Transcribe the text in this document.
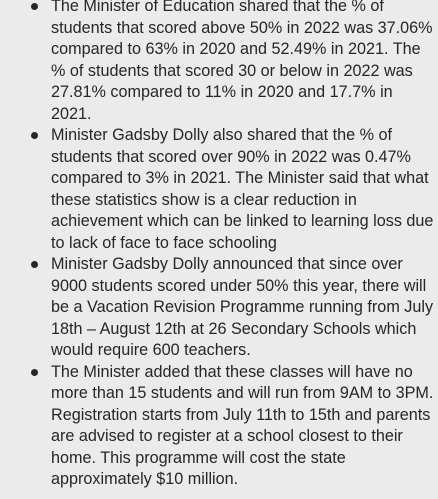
The Minister of Education shared that the % of students that scored above 50% in 2022 was 37.06% compared to 63% in 2020 and 52.49% in 2021. The % of students that scored 30 or below in 2022 was 27.81% compared to 11% in 2020 and 17.7% in 2021.
Minister Gadsby Dolly also shared that the % of students that scored over 90% in 2022 was 0.47% compared to 3% in 2021. The Minister said that what these statistics show is a clear reduction in achievement which can be linked to learning loss due to lack of face to face schooling
Minister Gadsby Dolly announced that since over 9000 students scored under 50% this year, there will be a Vacation Revision Programme running from July 18th – August 12th at 26 Secondary Schools which would require 600 teachers.
The Minister added that these classes will have no more than 15 students and will run from 9AM to 3PM. Registration starts from July 11th to 15th and parents are advised to register at a school closest to their home. This programme will cost the state approximately $10 million.
